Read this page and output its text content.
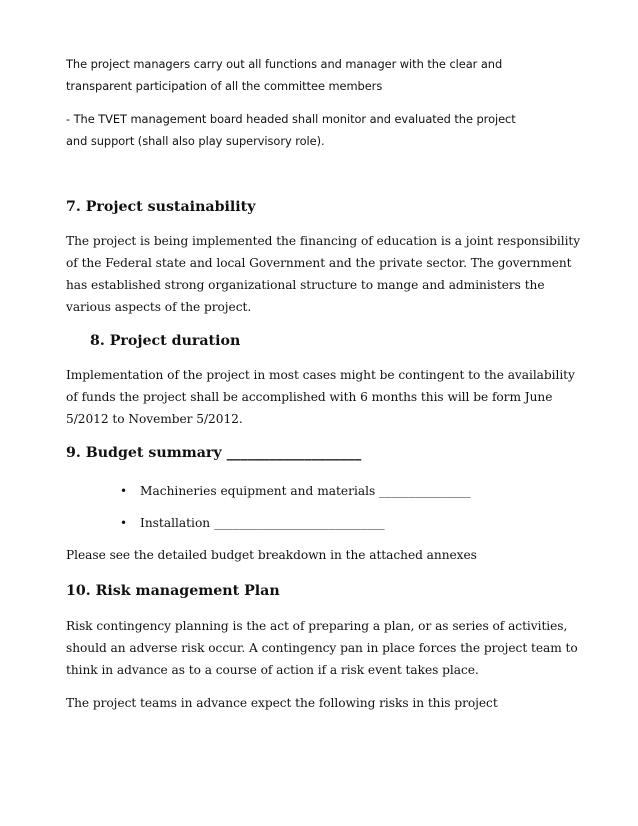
The project managers carry out all functions and manager with the clear and
transparent participation of all the committee members
- The TVET management board headed shall monitor and evaluated the project
and support (shall also play supervisory role).
7. Project sustainability
The project is being implemented the financing of education is a joint responsibility
of the Federal state and local Government and the private sector. The government
has established strong organizational structure to mange and administers the
various aspects of the project.
8. Project duration
Implementation of the project in most cases might be contingent to the availability
of funds the project shall be accomplished with 6 months this will be form June
5/2012 to November 5/2012.
9. Budget summary ___________________
• Machineries equipment and materials _______________
• Installation ____________________________
Please see the detailed budget breakdown in the attached annexes
10. Risk management Plan
Risk contingency planning is the act of preparing a plan, or as series of activities,
should an adverse risk occur. A contingency pan in place forces the project team to
think in advance as to a course of action if a risk event takes place.
The project teams in advance expect the following risks in this project
